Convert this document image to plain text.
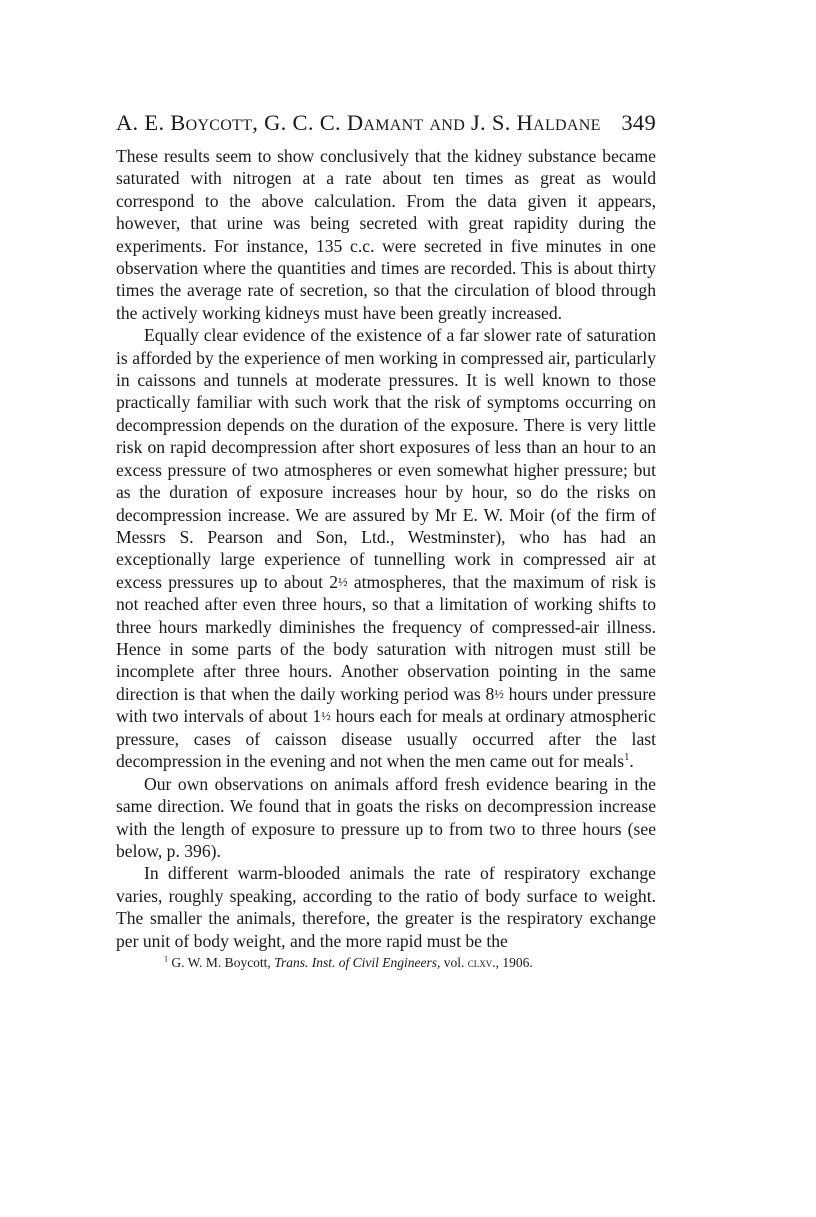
A. E. Boycott, G. C. C. Damant and J. S. Haldane 349

These results seem to show conclusively that the kidney substance became saturated with nitrogen at a rate about ten times as great as would correspond to the above calculation. From the data given it appears, however, that urine was being secreted with great rapidity during the experiments. For instance, 135 c.c. were secreted in five minutes in one observation where the quantities and times are recorded. This is about thirty times the average rate of secretion, so that the circulation of blood through the actively working kidneys must have been greatly increased.

Equally clear evidence of the existence of a far slower rate of saturation is afforded by the experience of men working in compressed air, particularly in caissons and tunnels at moderate pressures. It is well known to those practically familiar with such work that the risk of symptoms occurring on decompression depends on the duration of the exposure. There is very little risk on rapid decompression after short exposures of less than an hour to an excess pressure of two atmospheres or even somewhat higher pressure; but as the duration of exposure increases hour by hour, so do the risks on decompression increase. We are assured by Mr E. W. Moir (of the firm of Messrs S. Pearson and Son, Ltd., Westminster), who has had an exceptionally large experience of tunnelling work in compressed air at excess pressures up to about 2½ atmospheres, that the maximum of risk is not reached after even three hours, so that a limitation of working shifts to three hours markedly diminishes the frequency of compressed-air illness. Hence in some parts of the body saturation with nitrogen must still be incomplete after three hours. Another observation pointing in the same direction is that when the daily working period was 8½ hours under pressure with two intervals of about 1½ hours each for meals at ordinary atmospheric pressure, cases of caisson disease usually occurred after the last decompression in the evening and not when the men came out for meals$^1$.

Our own observations on animals afford fresh evidence bearing in the same direction. We found that in goats the risks on decompression increase with the length of exposure to pressure up to from two to three hours (see below, p. 396).

In different warm-blooded animals the rate of respiratory exchange varies, roughly speaking, according to the ratio of body surface to weight. The smaller the animals, therefore, the greater is the respiratory exchange per unit of body weight, and the more rapid must be the

$^1$ G. W. M. Boycott, Trans. Inst. of Civil Engineers, vol. clxv., 1906.
